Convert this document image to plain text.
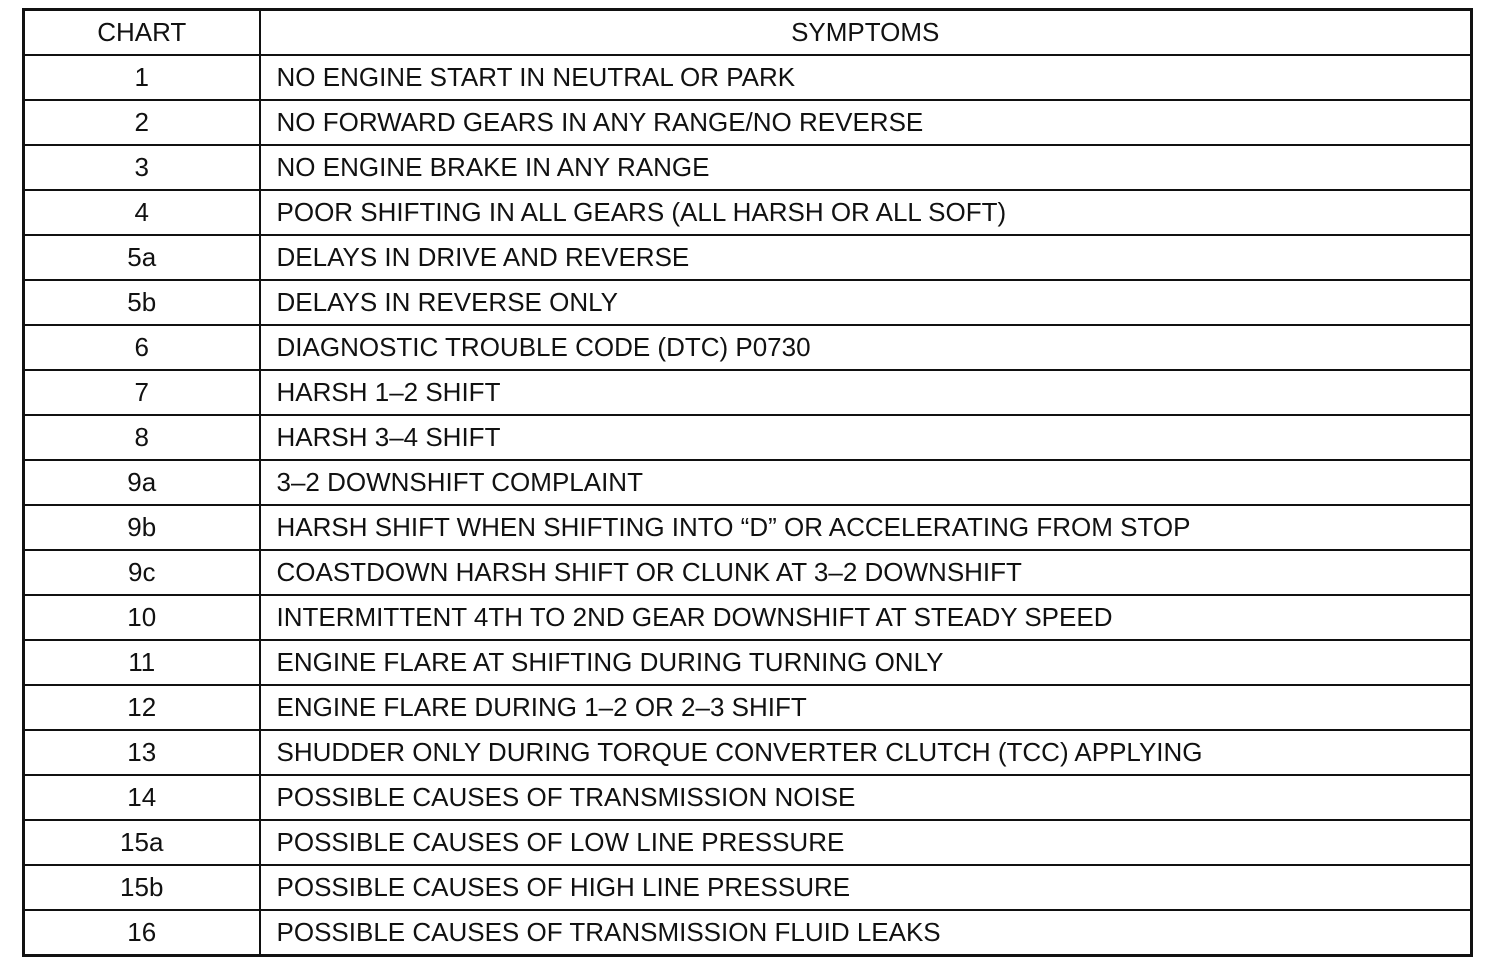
CHART	SYMPTOMS
1	NO ENGINE START IN NEUTRAL OR PARK
2	NO FORWARD GEARS IN ANY RANGE/NO REVERSE
3	NO ENGINE BRAKE IN ANY RANGE
4	POOR SHIFTING IN ALL GEARS (ALL HARSH OR ALL SOFT)
5a	DELAYS IN DRIVE AND REVERSE
5b	DELAYS IN REVERSE ONLY
6	DIAGNOSTIC TROUBLE CODE (DTC) P0730
7	HARSH 1–2 SHIFT
8	HARSH 3–4 SHIFT
9a	3–2 DOWNSHIFT COMPLAINT
9b	HARSH SHIFT WHEN SHIFTING INTO “D” OR ACCELERATING FROM STOP
9c	COASTDOWN HARSH SHIFT OR CLUNK AT 3–2 DOWNSHIFT
10	INTERMITTENT 4TH TO 2ND GEAR DOWNSHIFT AT STEADY SPEED
11	ENGINE FLARE AT SHIFTING DURING TURNING ONLY
12	ENGINE FLARE DURING 1–2 OR 2–3 SHIFT
13	SHUDDER ONLY DURING TORQUE CONVERTER CLUTCH (TCC) APPLYING
14	POSSIBLE CAUSES OF TRANSMISSION NOISE
15a	POSSIBLE CAUSES OF LOW LINE PRESSURE
15b	POSSIBLE CAUSES OF HIGH LINE PRESSURE
16	POSSIBLE CAUSES OF TRANSMISSION FLUID LEAKS
